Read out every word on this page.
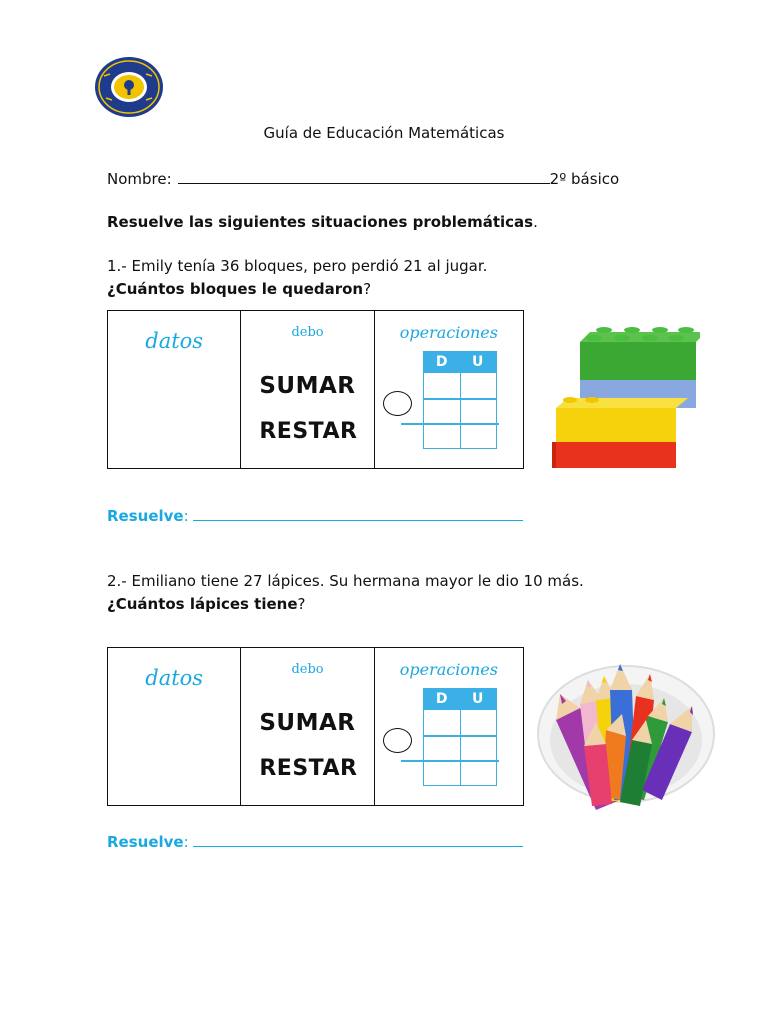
Guía de Educación Matemáticas
Nombre:	2º básico
Resuelve las siguientes situaciones problemáticas.
1.- Emily tenía 36 bloques, pero perdió 21 al jugar.
¿Cuántos bloques le quedaron?
datos	debo
SUMAR
RESTAR
operaciones
D	U
Resuelve:
2.- Emiliano tiene 27 lápices. Su hermana mayor le dio 10 más.
¿Cuántos lápices tiene?
datos	debo
SUMAR
RESTAR
operaciones
D	U
Resuelve:
